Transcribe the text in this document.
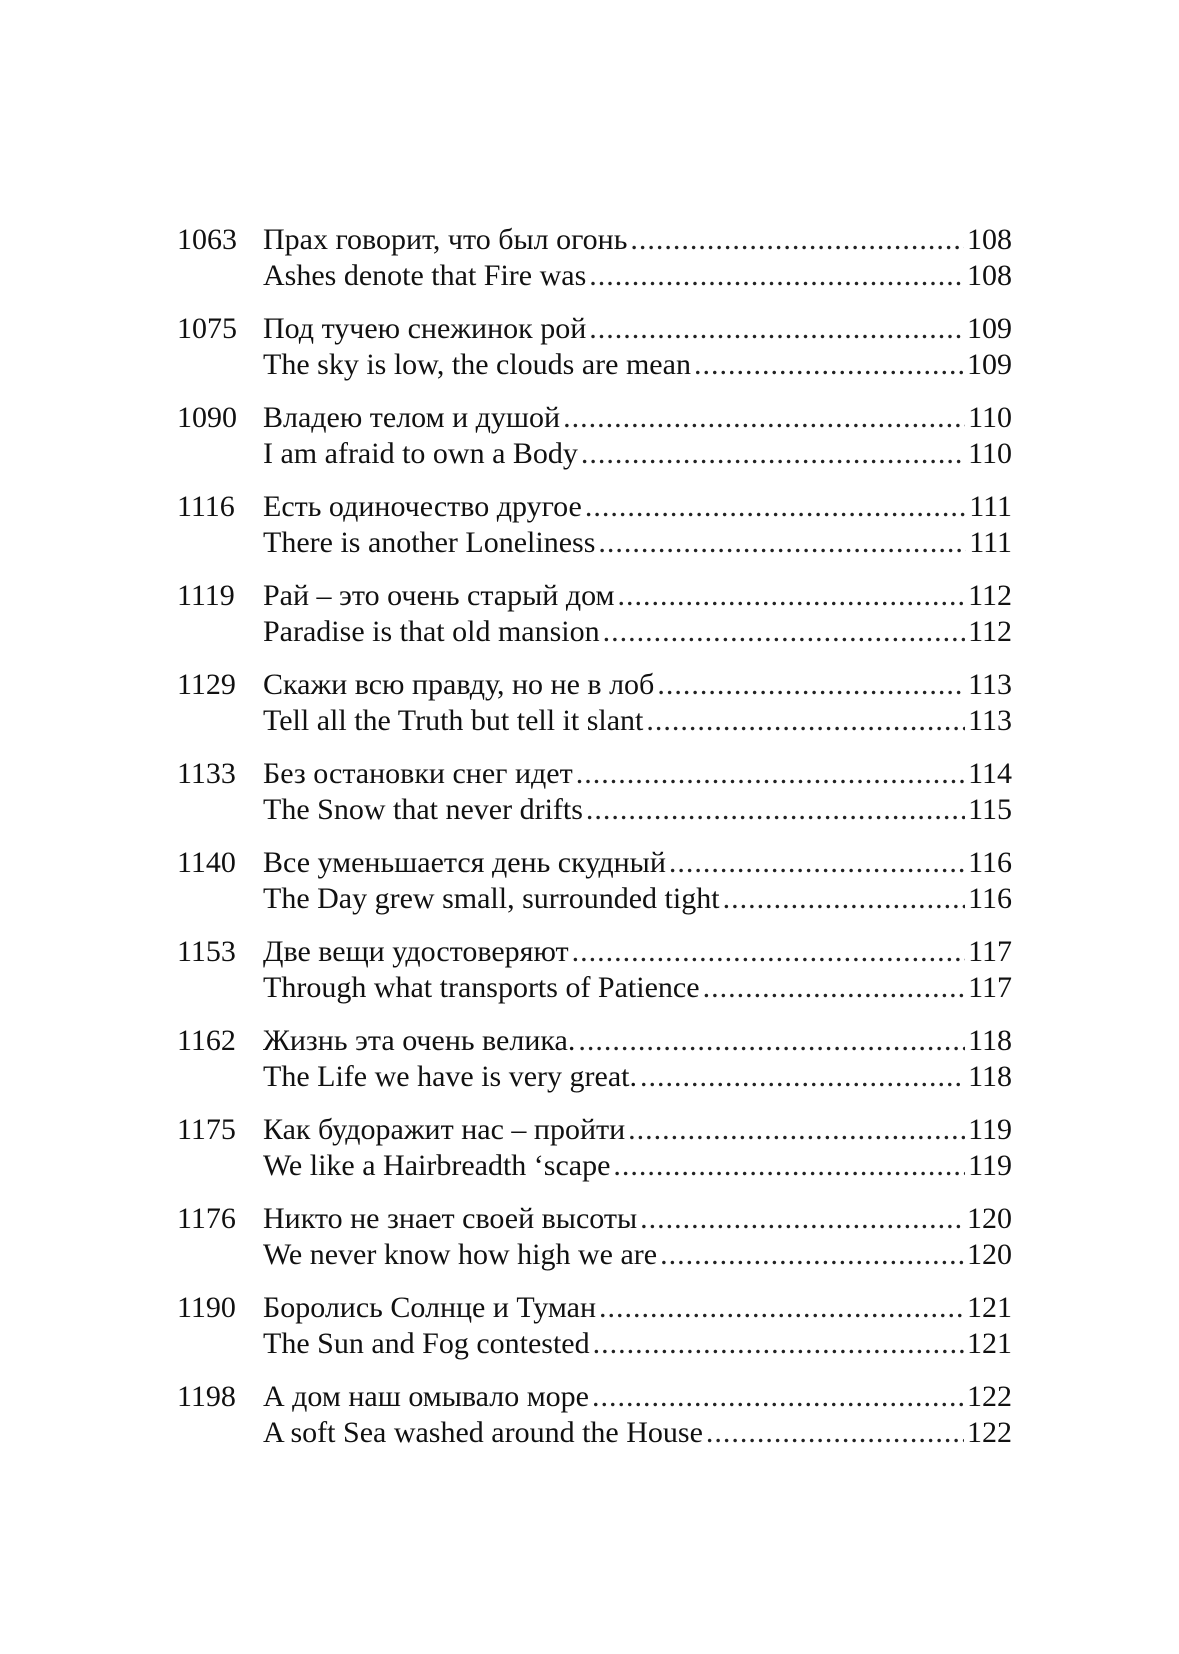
1063 Прах говорит, что был огонь .....	108
Ashes denote that Fire was .....	108
1075 Под тучею снежинок рой .....	109
The sky is low, the clouds are mean .....	109
1090 Владею телом и душой .....	110
I am afraid to own a Body .....	110
1116 Есть одиночество другое .....	111
There is another Loneliness .....	111
1119 Рай – это очень старый дом .....	112
Paradise is that old mansion .....	112
1129 Скажи всю правду, но не в лоб .....	113
Tell all the Truth but tell it slant .....	113
1133 Без остановки снег идет .....	114
The Snow that never drifts .....	115
1140 Все уменьшается день скудный .....	116
The Day grew small, surrounded tight .....	116
1153 Две вещи удостоверяют .....	117
Through what transports of Patience .....	117
1162 Жизнь эта очень велика. .....	118
The Life we have is very great. .....	118
1175 Как будоражит нас – пройти .....	119
We like a Hairbreadth ‘scape .....	119
1176 Никто не знает своей высоты .....	120
We never know how high we are .....	120
1190 Боролись Солнце и Туман .....	121
The Sun and Fog contested .....	121
1198 А дом наш омывало море .....	122
A soft Sea washed around the House .....	122
